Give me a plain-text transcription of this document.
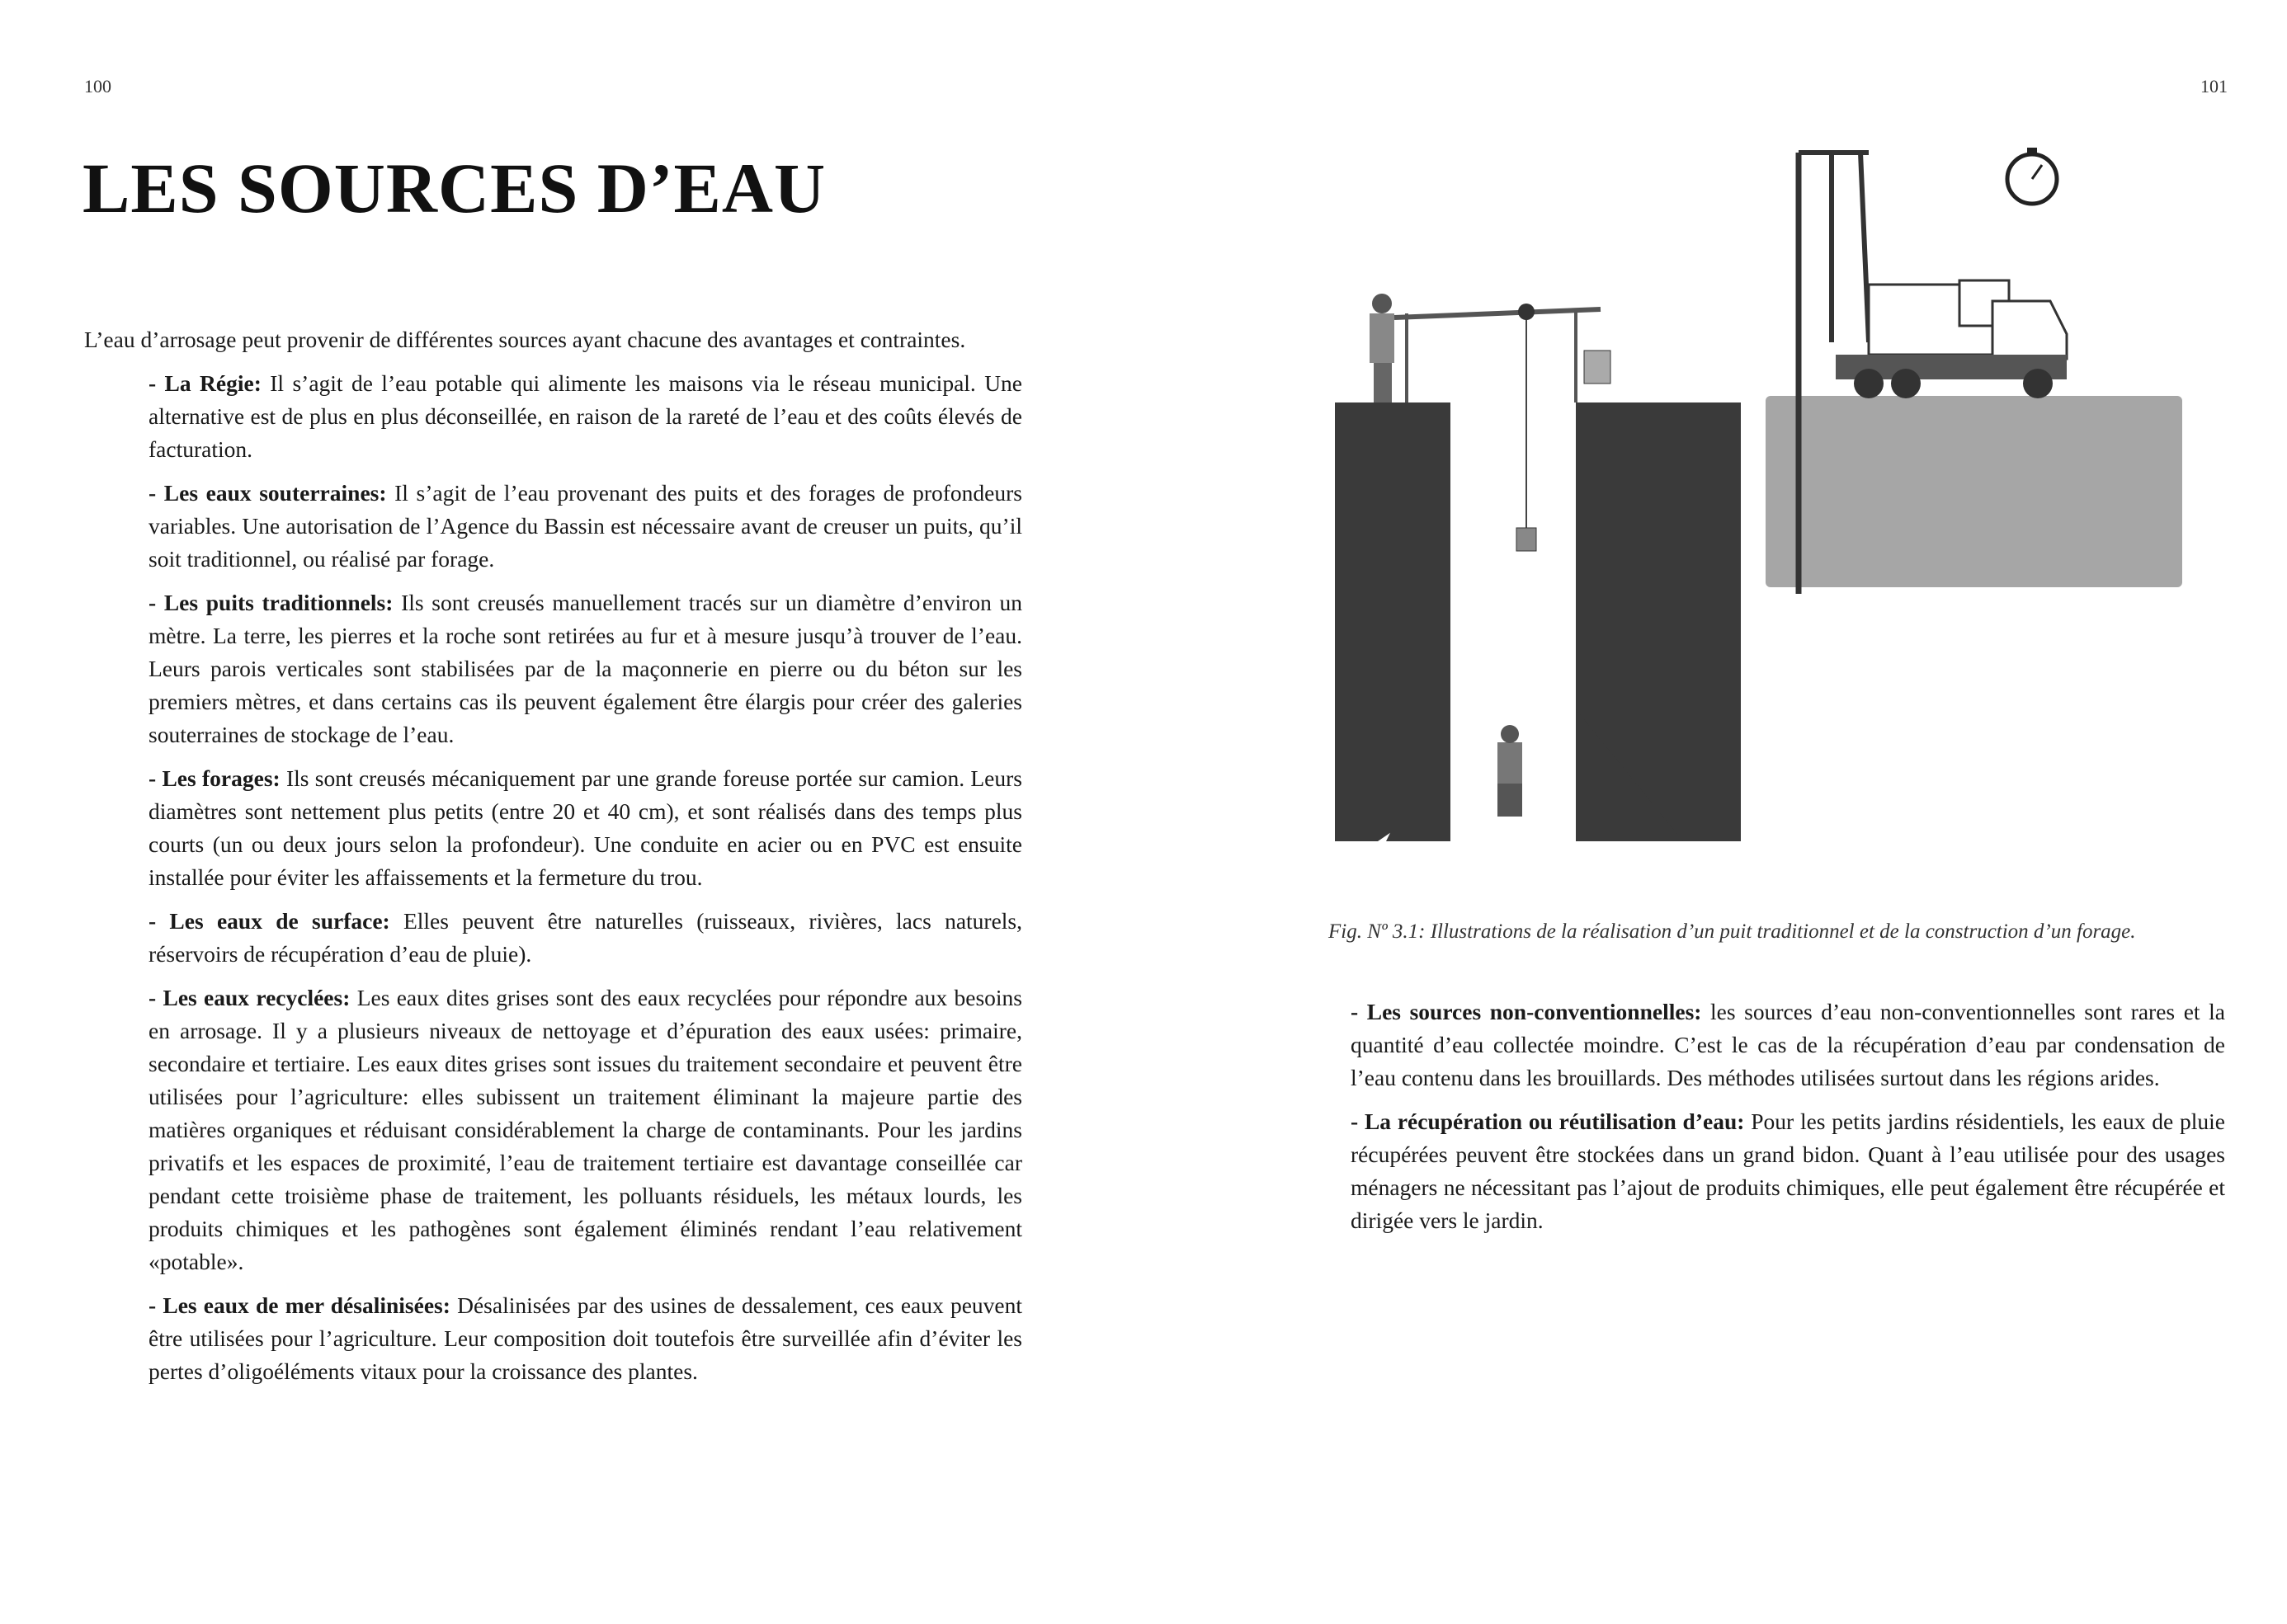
100	101
LES SOURCES D’EAU

L’eau d’arrosage peut provenir de différentes sources ayant chacune des avantages et contraintes.

- La Régie: Il s’agit de l’eau potable qui alimente les maisons via le réseau municipal. Une alternative est de plus en plus déconseillée, en raison de la rareté de l’eau et des coûts élevés de facturation.

- Les eaux souterraines: Il s’agit de l’eau provenant des puits et des forages de profondeurs variables. Une autorisation de l’Agence du Bassin est nécessaire avant de creuser un puits, qu’il soit traditionnel, ou réalisé par forage.

- Les puits traditionnels: Ils sont creusés manuellement tracés sur un diamètre d’environ un mètre. La terre, les pierres et la roche sont retirées au fur et à mesure jusqu’à trouver de l’eau. Leurs parois verticales sont stabilisées par de la maçonnerie en pierre ou du béton sur les premiers mètres, et dans certains cas ils peuvent également être élargis pour créer des galeries souterraines de stockage de l’eau.

- Les forages: Ils sont creusés mécaniquement par une grande foreuse portée sur camion. Leurs diamètres sont nettement plus petits (entre 20 et 40 cm), et sont réalisés dans des temps plus courts (un ou deux jours selon la profondeur). Une conduite en acier ou en PVC est ensuite installée pour éviter les affaissements et la fermeture du trou.

- Les eaux de surface: Elles peuvent être naturelles (ruisseaux, rivières, lacs naturels, réservoirs de récupération d’eau de pluie).

- Les eaux recyclées: Les eaux dites grises sont des eaux recyclées pour répondre aux besoins en arrosage. Il y a plusieurs niveaux de nettoyage et d’épuration des eaux usées: primaire, secondaire et tertiaire. Les eaux dites grises sont issues du traitement secondaire et peuvent être utilisées pour l’agriculture: elles subissent un traitement éliminant la majeure partie des matières organiques et réduisant considérablement la charge de contaminants. Pour les jardins privatifs et les espaces de proximité, l’eau de traitement tertiaire est davantage conseillée car pendant cette troisième phase de traitement, les polluants résiduels, les métaux lourds, les produits chimiques et les pathogènes sont également éliminés rendant l’eau relativement «potable».

- Les eaux de mer désalinisées: Désalinisées par des usines de dessalement, ces eaux peuvent être utilisées pour l’agriculture. Leur composition doit toutefois être surveillée afin d’éviter les pertes d’oligoéléments vitaux pour la croissance des plantes.

Fig. Nº 3.1: Illustrations de la réalisation d’un puit traditionnel et de la construction d’un forage.

- Les sources non-conventionnelles: les sources d’eau non-conventionnelles sont rares et la quantité d’eau collectée moindre. C’est le cas de la récupération d’eau par condensation de l’eau contenu dans les brouillards. Des méthodes utilisées surtout dans les régions arides.

- La récupération ou réutilisation d’eau: Pour les petits jardins résidentiels, les eaux de pluie récupérées peuvent être stockées dans un grand bidon. Quant à l’eau utilisée pour des usages ménagers ne nécessitant pas l’ajout de produits chimiques, elle peut également être récupérée et dirigée vers le jardin.
